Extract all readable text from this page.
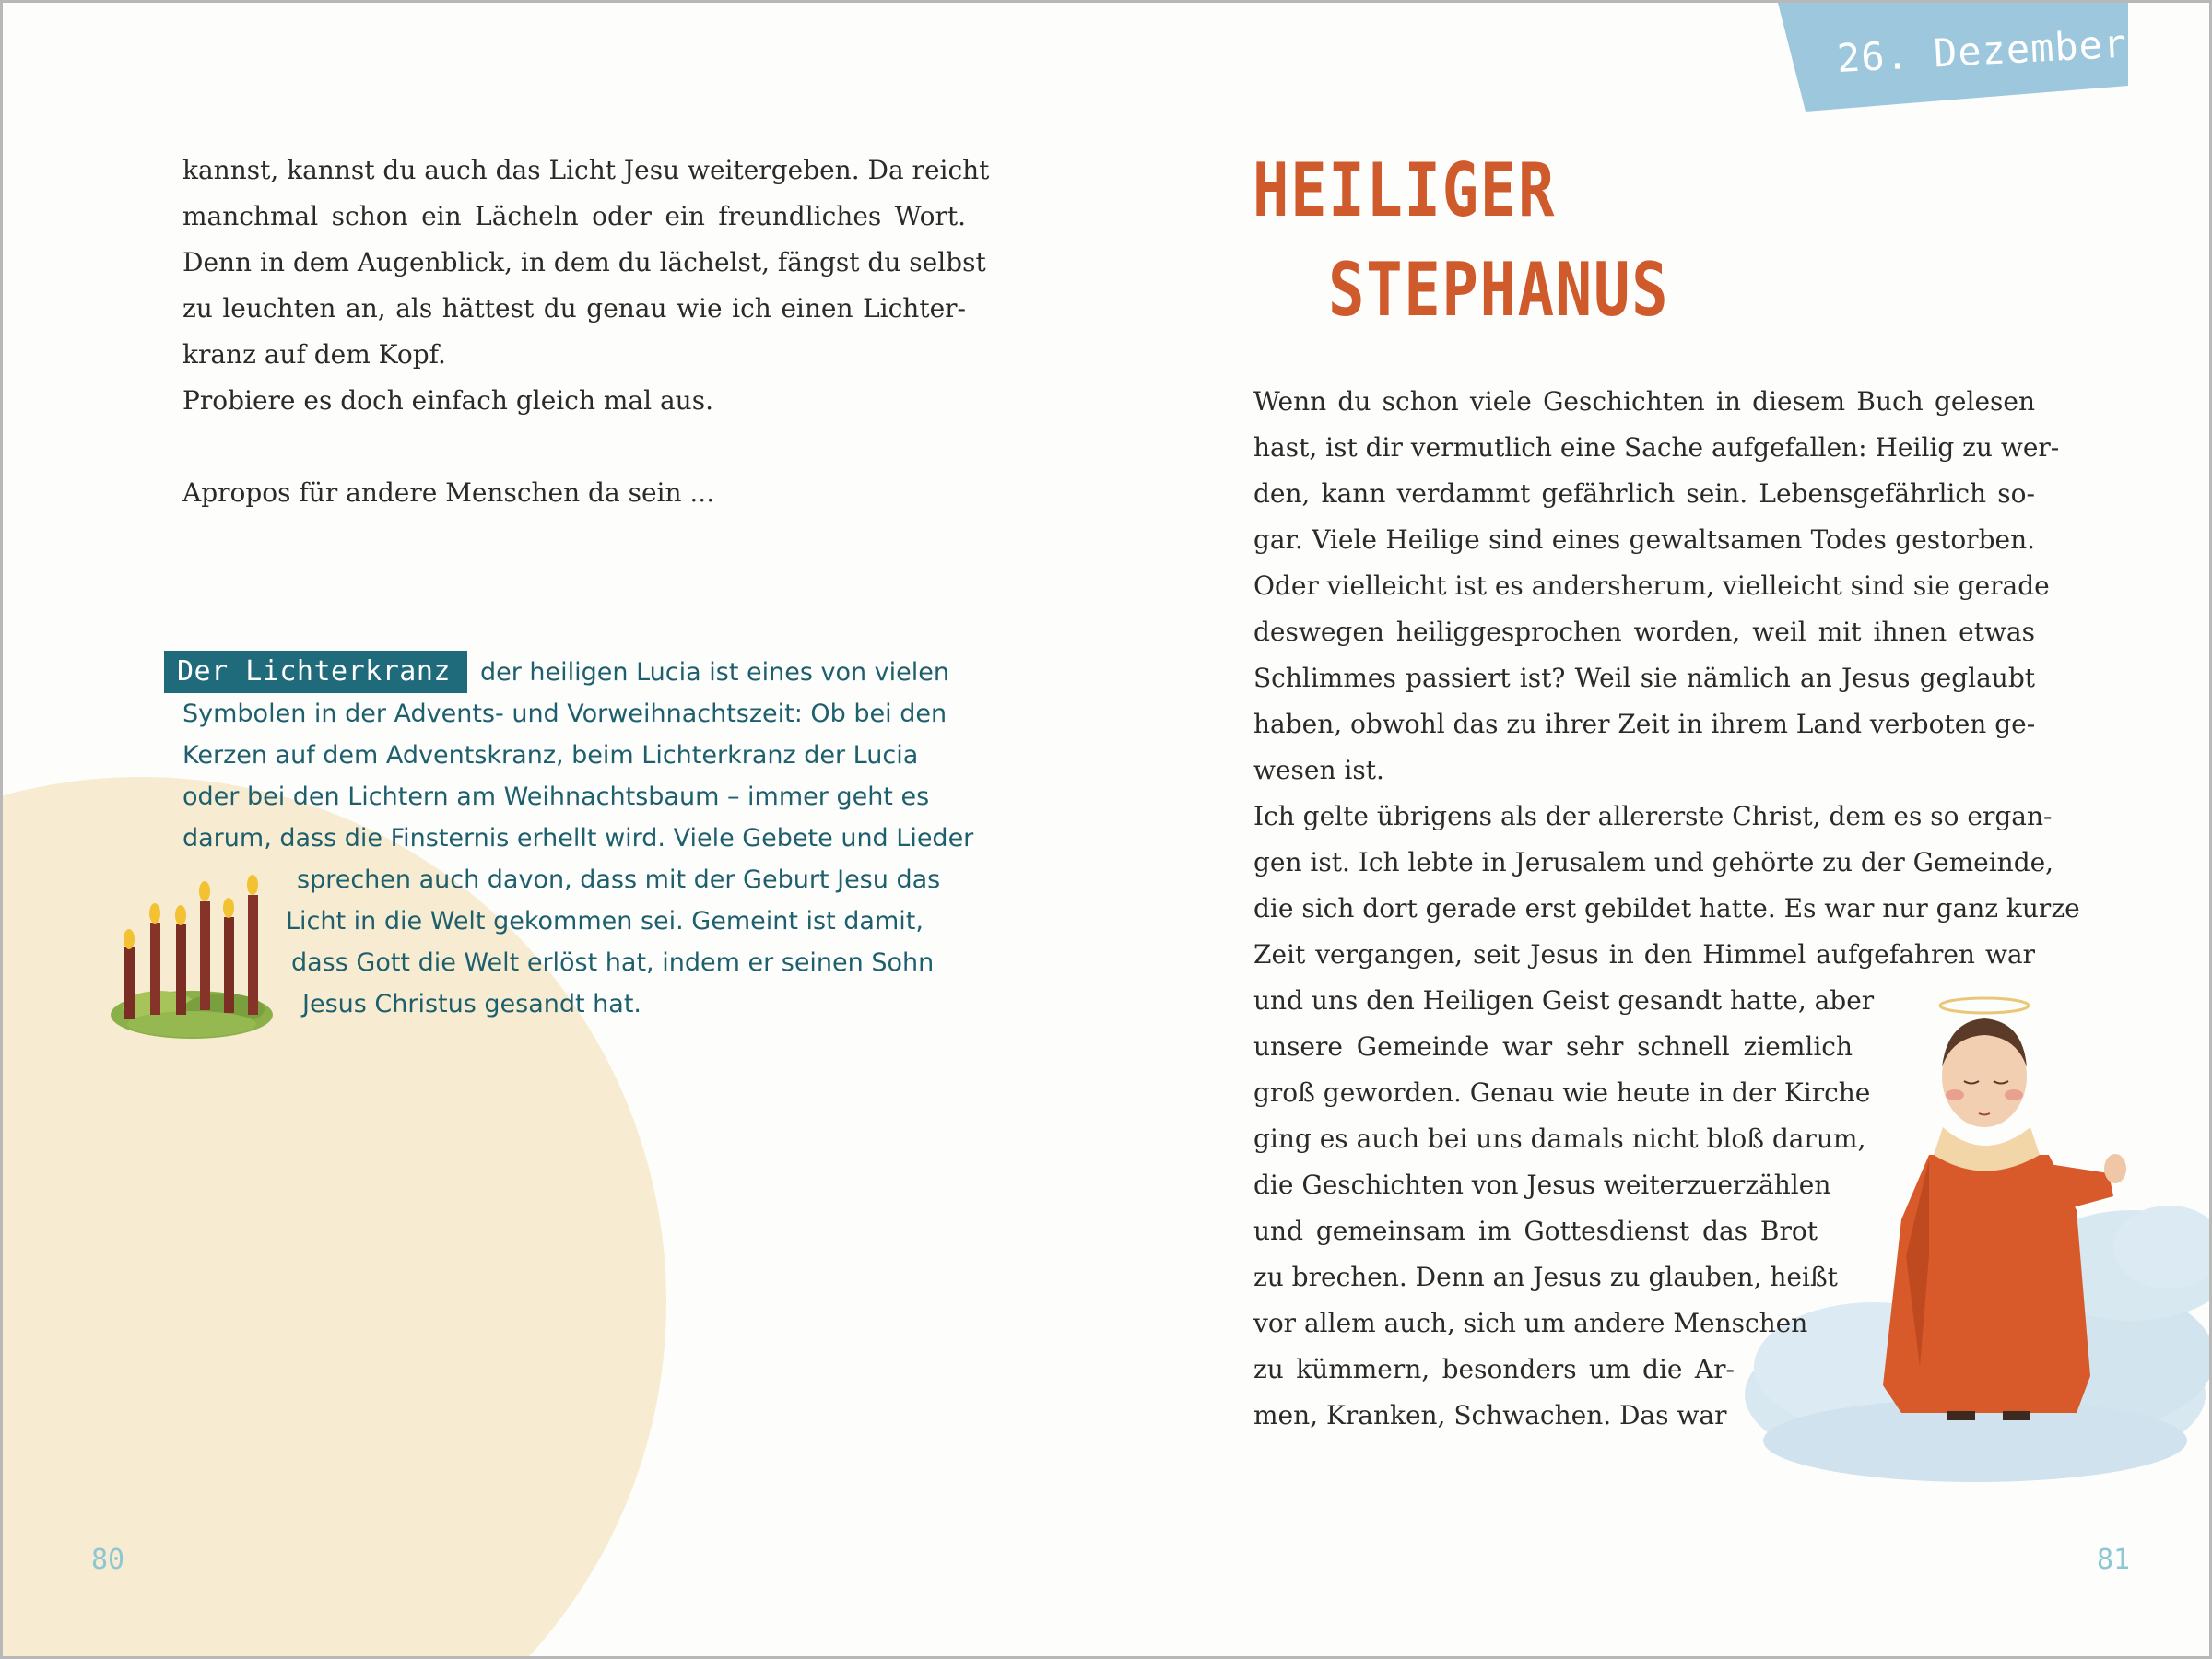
kannst, kannst du auch das Licht Jesu weitergeben. Da reicht
manchmal schon ein Lächeln oder ein freundliches Wort.
Denn in dem Augenblick, in dem du lächelst, fängst du selbst
zu leuchten an, als hättest du genau wie ich einen Lichter-
kranz auf dem Kopf.
Probiere es doch einfach gleich mal aus.
Apropos für andere Menschen da sein ...
Der Lichterkranz der heiligen Lucia ist eines von vielen
Symbolen in der Advents- und Vorweihnachtszeit: Ob bei den
Kerzen auf dem Adventskranz, beim Lichterkranz der Lucia
oder bei den Lichtern am Weihnachtsbaum – immer geht es
darum, dass die Finsternis erhellt wird. Viele Gebete und Lieder
sprechen auch davon, dass mit der Geburt Jesu das
Licht in die Welt gekommen sei. Gemeint ist damit,
dass Gott die Welt erlöst hat, indem er seinen Sohn
Jesus Christus gesandt hat.
80
26. Dezember
HEILIGER
STEPHANUS
Wenn du schon viele Geschichten in diesem Buch gelesen
hast, ist dir vermutlich eine Sache aufgefallen: Heilig zu wer-
den, kann verdammt gefährlich sein. Lebensgefährlich so-
gar. Viele Heilige sind eines gewaltsamen Todes gestorben.
Oder vielleicht ist es andersherum, vielleicht sind sie gerade
deswegen heiliggesprochen worden, weil mit ihnen etwas
Schlimmes passiert ist? Weil sie nämlich an Jesus geglaubt
haben, obwohl das zu ihrer Zeit in ihrem Land verboten ge-
wesen ist.
Ich gelte übrigens als der allererste Christ, dem es so ergan-
gen ist. Ich lebte in Jerusalem und gehörte zu der Gemeinde,
die sich dort gerade erst gebildet hatte. Es war nur ganz kurze
Zeit vergangen, seit Jesus in den Himmel aufgefahren war
und uns den Heiligen Geist gesandt hatte, aber
unsere Gemeinde war sehr schnell ziemlich
groß geworden. Genau wie heute in der Kirche
ging es auch bei uns damals nicht bloß darum,
die Geschichten von Jesus weiterzuerzählen
und gemeinsam im Gottesdienst das Brot
zu brechen. Denn an Jesus zu glauben, heißt
vor allem auch, sich um andere Menschen
zu kümmern, besonders um die Ar-
men, Kranken, Schwachen. Das war
81
